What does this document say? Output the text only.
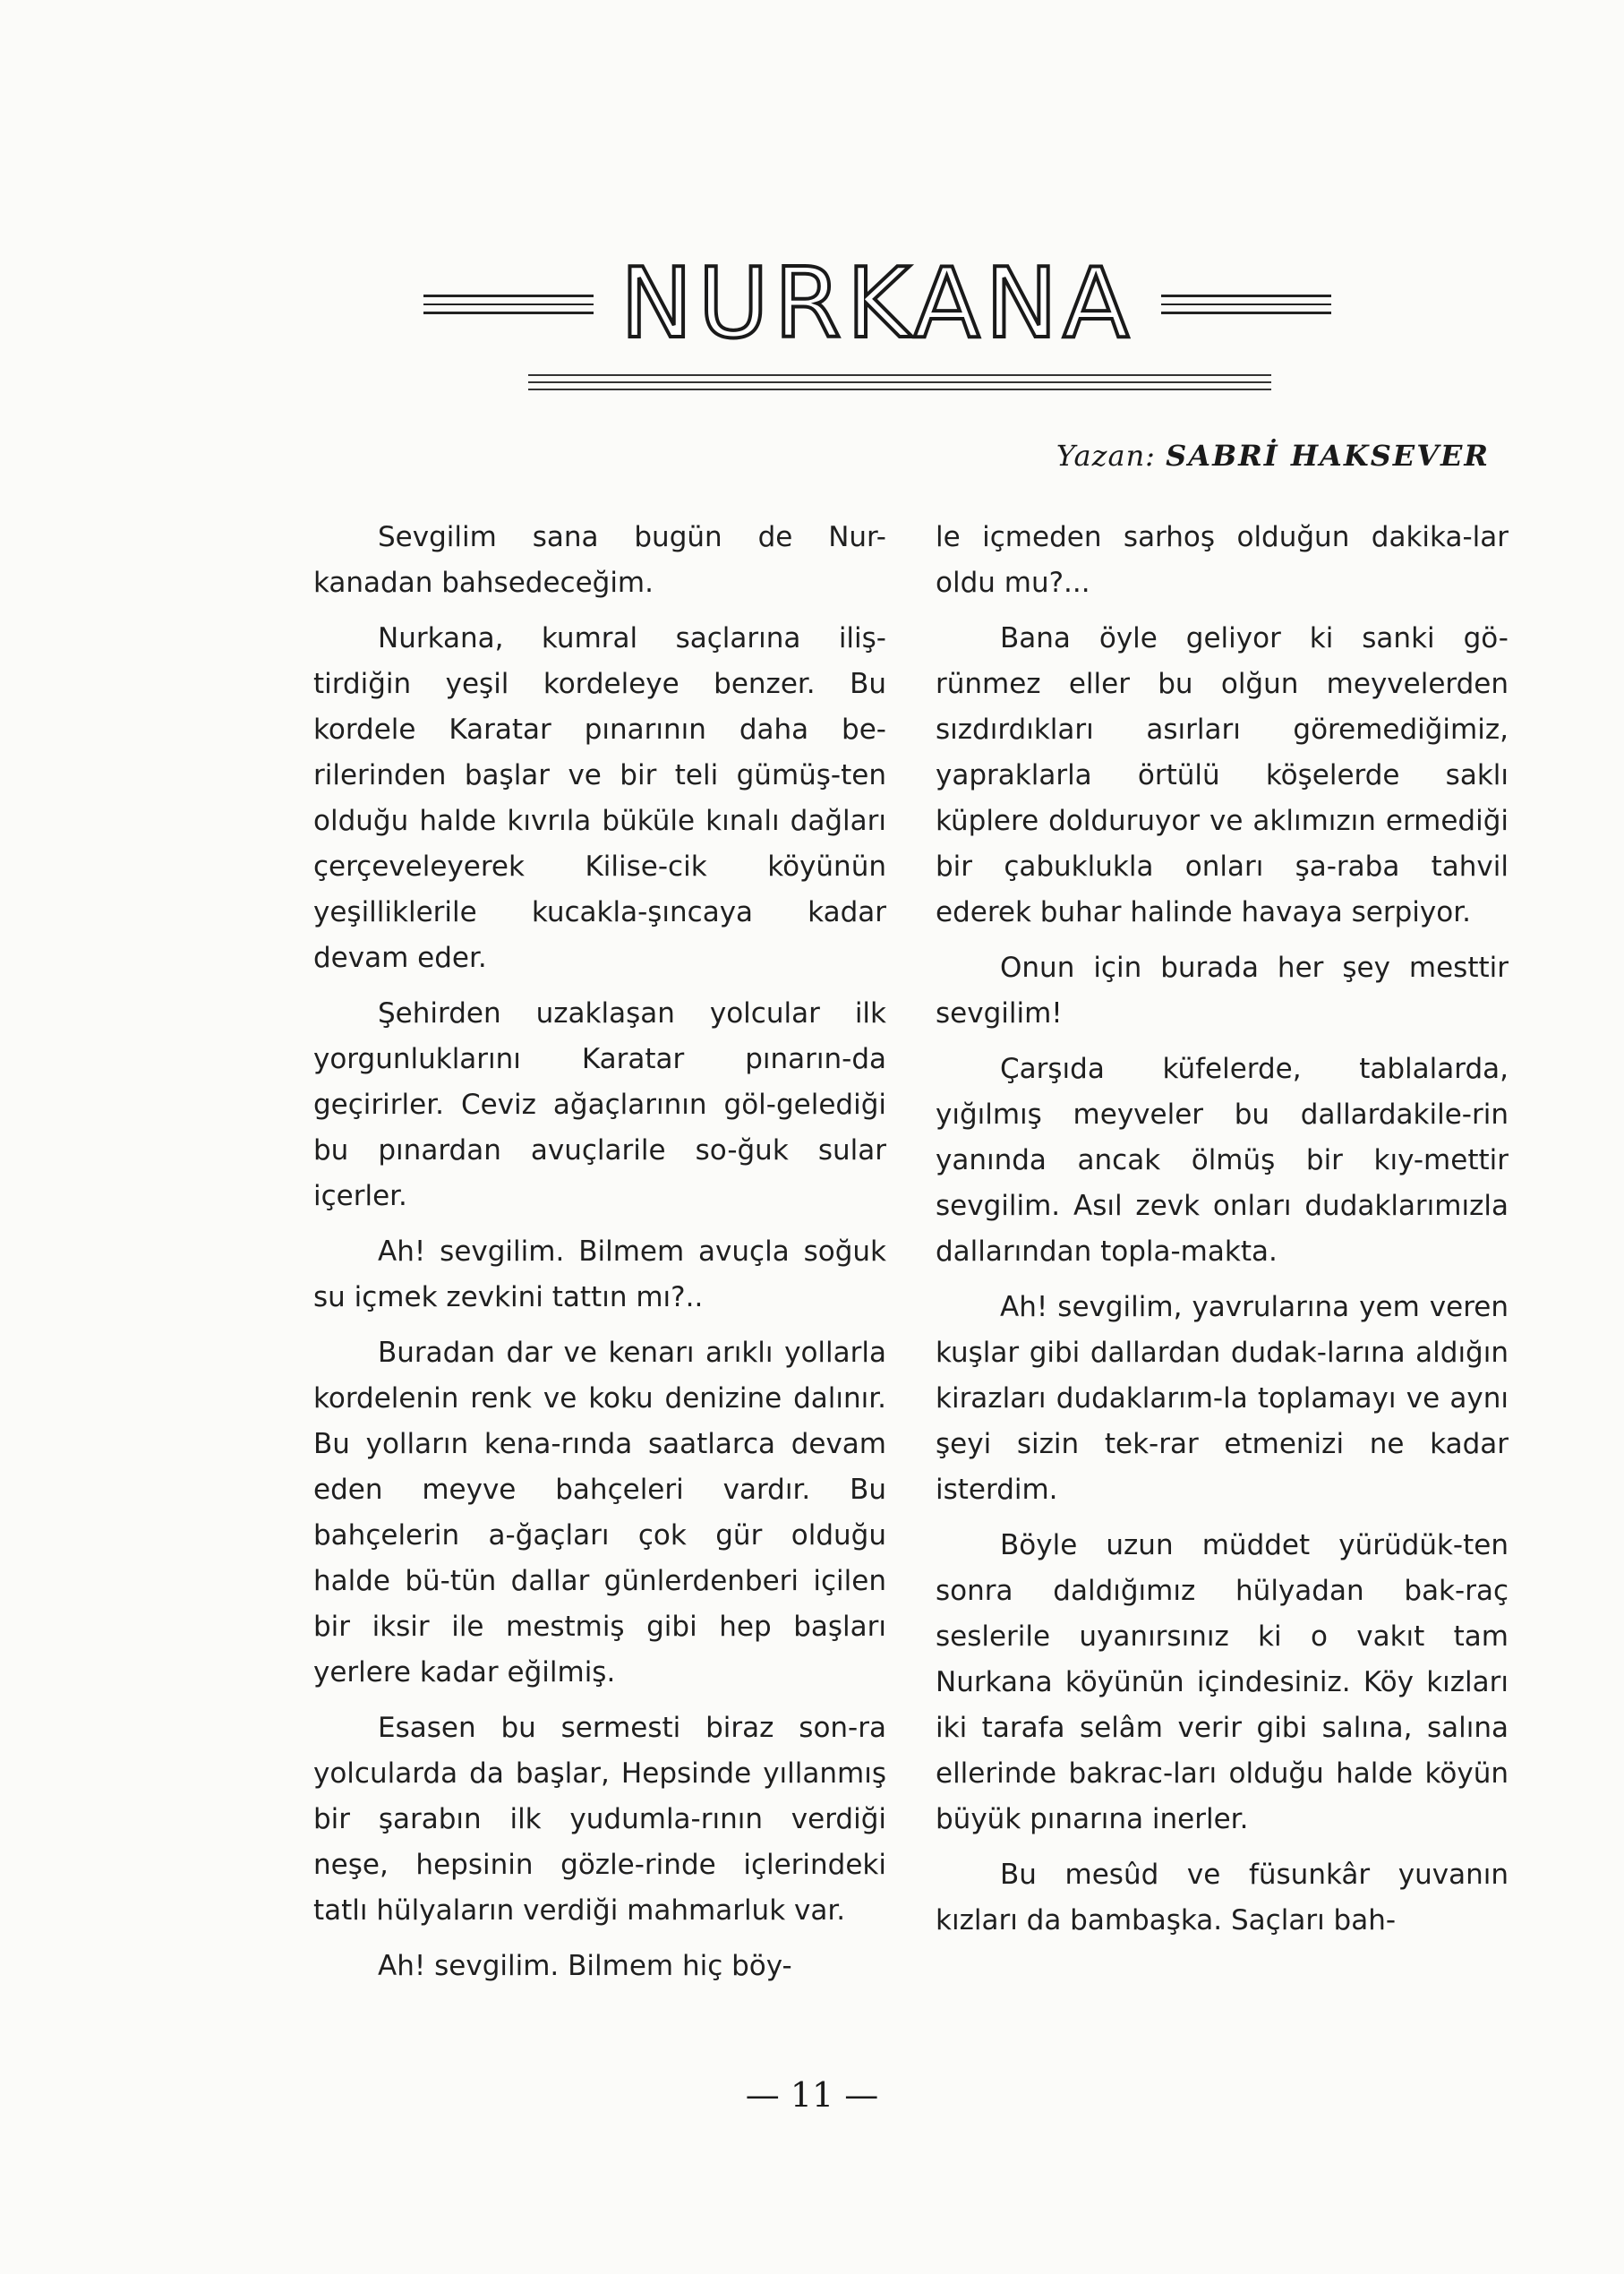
NURKANA
Yazan: SABRİ HAKSEVER

Sevgilim sana bugün de Nur-kanadan bahsedeceğim.

Nurkana, kumral saçlarına iliş-tirdiğin yeşil kordeleye benzer. Bu kordele Karatar pınarının daha be-rilerinden başlar ve bir teli gümüş-ten olduğu halde kıvrıla büküle kınalı dağları çerçeveleyerek Kilise-cik köyünün yeşilliklerile kucakla-şıncaya kadar devam eder.

Şehirden uzaklaşan yolcular ilk yorgunluklarını Karatar pınarın-da geçirirler. Ceviz ağaçlarının göl-gelediği bu pınardan avuçlarile so-ğuk sular içerler.

Ah! sevgilim. Bilmem avuçla soğuk su içmek zevkini tattın mı?..

Buradan dar ve kenarı arıklı yollarla kordelenin renk ve koku denizine dalınır. Bu yolların kena-rında saatlarca devam eden meyve bahçeleri vardır. Bu bahçelerin a-ğaçları çok gür olduğu halde bü-tün dallar günlerdenberi içilen bir iksir ile mestmiş gibi hep başları yerlere kadar eğilmiş.

Esasen bu sermesti biraz son-ra yolcularda da başlar, Hepsinde yıllanmış bir şarabın ilk yudumla-rının verdiği neşe, hepsinin gözle-rinde içlerindeki tatlı hülyaların verdiği mahmarluk var.

Ah! sevgilim. Bilmem hiç böy-

le içmeden sarhoş olduğun dakika-lar oldu mu?...

Bana öyle geliyor ki sanki gö-rünmez eller bu olğun meyvelerden sızdırdıkları asırları göremediğimiz, yapraklarla örtülü köşelerde saklı küplere dolduruyor ve aklımızın ermediği bir çabuklukla onları şa-raba tahvil ederek buhar halinde havaya serpiyor.

Onun için burada her şey mesttir sevgilim!

Çarşıda küfelerde, tablalarda, yığılmış meyveler bu dallardakile-rin yanında ancak ölmüş bir kıy-mettir sevgilim. Asıl zevk onları dudaklarımızla dallarından topla-makta.

Ah! sevgilim, yavrularına yem veren kuşlar gibi dallardan dudak-larına aldığın kirazları dudaklarım-la toplamayı ve aynı şeyi sizin tek-rar etmenizi ne kadar isterdim.

Böyle uzun müddet yürüdük-ten sonra daldığımız hülyadan bak-raç seslerile uyanırsınız ki o vakıt tam Nurkana köyünün içindesiniz. Köy kızları iki tarafa selâm verir gibi salına, salına ellerinde bakrac-ları olduğu halde köyün büyük pınarına inerler.

Bu mesûd ve füsunkâr yuvanın kızları da bambaşka. Saçları bah-

— 11 —
